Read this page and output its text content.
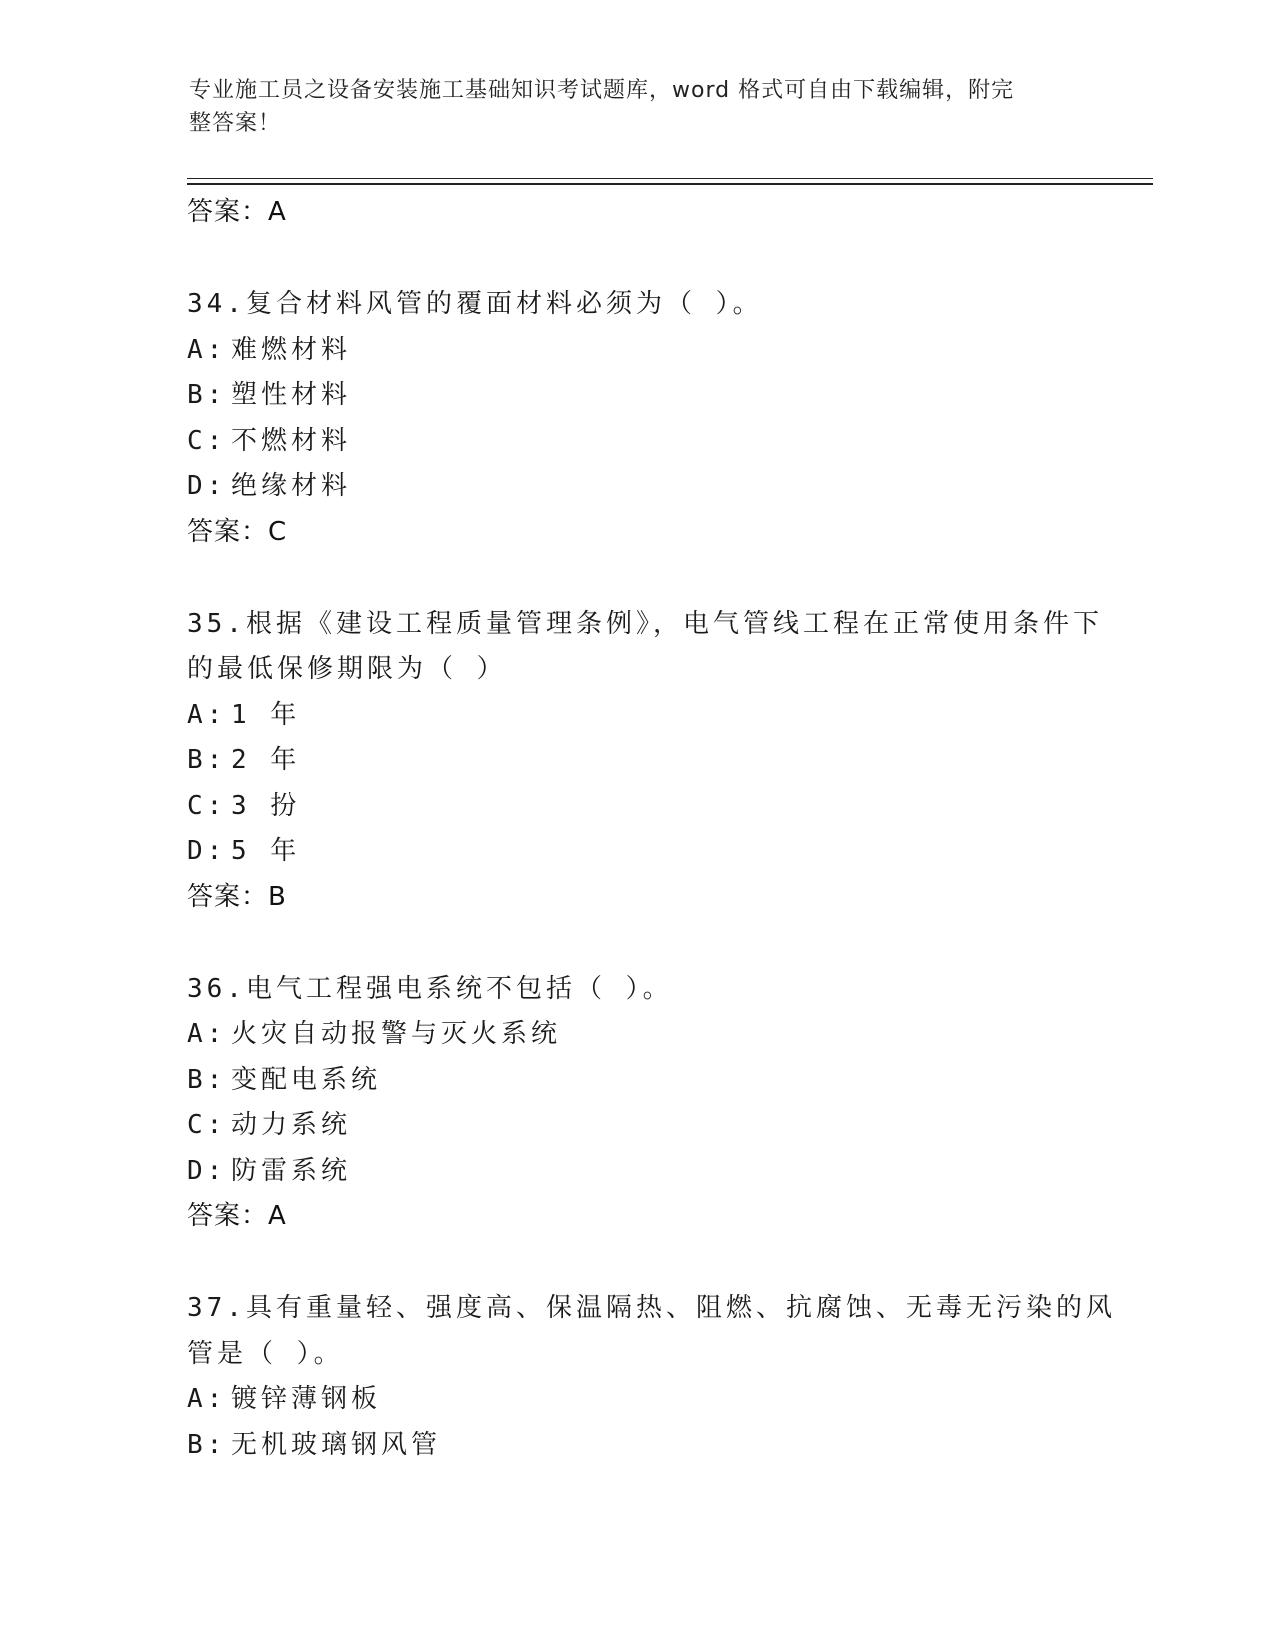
专业施工员之设备安装施工基础知识考试题库，word 格式可自由下载编辑，附完
整答案！
答案：A
34.复合材料风管的覆面材料必须为（ ）。
A: 难燃材料
B: 塑性材料
C: 不燃材料
D: 绝缘材料
答案：C
35.根据《建设工程质量管理条例》，电气管线工程在正常使用条件下
的最低保修期限为（ ）
A: 1 年
B: 2 年
C: 3 扮
D: 5 年
答案：B
36.电气工程强电系统不包括（ ）。
A: 火灾自动报警与灭火系统
B: 变配电系统
C: 动力系统
D: 防雷系统
答案：A
37.具有重量轻、强度高、保温隔热、阻燃、抗腐蚀、无毒无污染的风
管是（ ）。
A: 镀锌薄钢板
B: 无机玻璃钢风管
